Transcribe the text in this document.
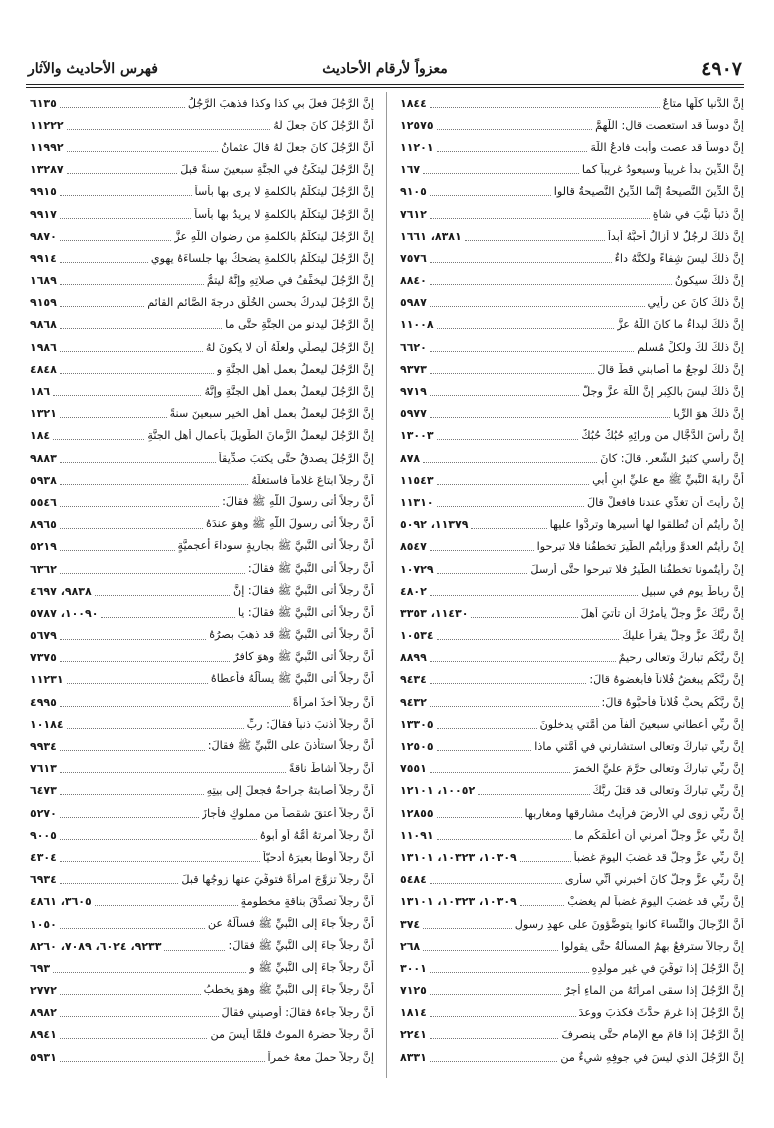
٤٩٠٧
معزواً لأرقام الأحاديث
فهرس الأحاديث والآثار
إنَّ الدُّنيا كلُّها متاعٌ
١٨٤٤
إنَّ دوساً قد استعصت قال: اللَّهمَّ
١٢٥٧٥
إنَّ دوساً قد عصت وأبت فادعُ اللَّهَ
١١٢٠١
إنَّ الدِّينَ بدأَ غريباً وسيعودُ غريباً كما
١٦٧
إنَّ الدِّينَ النَّصيحةُ إنَّما الدِّينُ النَّصيحةُ قالوا
٩١٠٥
إنَّ ذئباً نيَّبَ في شاةٍ
٧٦١٢
إنَّ ذلكَ لرجُلٌ لا أزالُ أحبُّهُ أبداً
٨٣٨١، ١٦٦١
إنَّ ذلكَ ليسَ شِفاءً ولكنَّهُ داءٌ
٧٥٧٦
إنَّ ذلكَ سيكونُ
٨٨٤٠
إنَّ ذلكَ كانَ عن رأيي
٥٩٨٧
إنَّ ذلكَ لبداءُ ما كانَ اللَّهُ عزَّ
١١٠٠٨
إنَّ ذلكَ لكَ ولكلِّ مُسلمٍ
٦٦٢٠
إنَّ ذلكَ لوجعٌ ما أصابني قطُّ قالَ
٩٣٧٣
إنَّ ذلكَ ليسَ بالكِبرِ إنَّ اللَّهَ عزَّ وجلَّ
٩٧١٩
إنَّ ذلكَ هوَ الرِّبا
٥٩٧٧
إنَّ رأسَ الدَّجَّالِ من ورائِهِ حُبُكٌ حُبُكٌ
١٣٠٠٣
إنَّ رأسي كثيرُ الشَّعرِ. قالَ: كانَ
٨٧٨
أنَّ رايةَ النَّبيِّ ﷺ مع عليِّ ابنِ أبي
١١٥٤٣
إنْ رأيتَ أن تغدِّي عندنا فافعلْ قالَ
١١٣١٠
إنْ رأيتُم أن تُطلقوا لها أسيرها وتردُّوا عليها
١١٣٧٩، ٥٠٩٢
إنْ رأيتُم العدوَّ ورأيتُم الطَّيرَ تخطفُنا فلا تبرحوا
٨٥٤٧
إنْ رأيتُمونا تخطفُنا الطَّيرُ فلا تبرحوا حتَّى أرسلَ
١٠٧٢٩
إنَّ رباطَ يومٍ في سبيلِ
٤٨٠٢
إنَّ ربَّكَ عزَّ وجلَّ يأمرُكَ أن تأتيَ أهلَ
١١٤٣٠، ٣٣٥٣
إنَّ ربَّكَ عزَّ وجلَّ يقرأُ عليكَ
١٠٥٣٤
إنَّ ربَّكُم تباركَ وتعالى رحيمٌ
٨٨٩٩
إنَّ ربَّكُم يبغضُ فُلاناً فأبغضوهُ قالَ:
٩٤٣٤
إنَّ ربَّكُم يحبُّ فُلاناً فأحبُّوهُ قالَ:
٩٤٣٢
إنَّ ربِّي أعطاني سبعينَ ألفاً من أمَّتي يدخلونَ
١٣٣٠٥
إنَّ ربِّي تباركَ وتعالى استشارني في أمَّتي ماذا
١٢٥٠٥
إنَّ ربِّي تباركَ وتعالى حرَّمَ عليَّ الخمرَ
٧٥٥١
إنَّ ربِّي تباركَ وتعالى قد قتلَ ربَّكَ
١٠٠٥٢، ١٢١٠١
إنَّ ربِّي زوى لي الأرضَ فرأيتُ مشارقها ومغاربها
١٢٨٥٥
إنَّ ربِّي عزَّ وجلَّ أمرني أن أعلِّمَكُم ما
١١٠٩١
إنَّ ربِّي عزَّ وجلَّ قد غضبَ اليومَ غضباً
١٠٣٠٩، ١٠٣٢٣، ١٣١٠١
إنَّ ربِّي عزَّ وجلَّ كانَ أخبرني أنِّي سأرى
٥٤٨٤
إنَّ ربِّي قد غضبَ اليومَ غضباً لم يغضبْ
١٠٣٠٩، ١٠٣٢٣، ١٣١٠١
أنَّ الرِّجالَ والنِّساءَ كانوا يتوضَّؤونَ على عهدِ رسولِ
٣٧٤
إنَّ رجالاً سترفعُ بهمُ المسألةُ حتَّى يقولوا
٢٦٨
إنَّ الرَّجُلَ إذا توفِّيَ في غيرِ مولدِهِ
٣٠٠١
إنَّ الرَّجُلَ إذا سقى امرأتَهُ من الماءِ أجرٌ
٧١٢٥
إنَّ الرَّجُلَ إذا غرمَ حدَّثَ فكذبَ ووعدَ
١٨١٤
إنَّ الرَّجُلَ إذا قامَ مع الإمامِ حتَّى ينصرفَ
٢٢٤١
إنَّ الرَّجُلَ الذي ليسَ في جوفِهِ شيءٌ من
٨٣٣١
إنَّ الرَّجُلَ فعلَ بي كذا وكذا فذهبَ الرَّجُلُ
٦١٣٥
أنَّ الرَّجُلَ كانَ جعلَ لهُ
١١٢٢٢
أنَّ الرَّجُلَ كانَ جعلَ لهُ قالَ عثمانُ
١١٩٩٢
إنَّ الرَّجُلَ ليتكِّئُ في الجنَّةِ سبعينَ سنةً قبلَ
١٣٢٨٧
إنَّ الرَّجُلَ ليتكلَّمُ بالكلمةِ لا يرى بها بأساً
٩٩١٥
إنَّ الرَّجُلَ ليتكلَّمُ بالكلمةِ لا يريدُ بها بأساً
٩٩١٧
إنَّ الرَّجُلَ ليتكلَّمُ بالكلمةِ من رضوانِ اللَّهِ عزَّ
٩٨٧٠
إنَّ الرَّجُلَ ليتكلَّمُ بالكلمةِ يضحكُ بها جلساءَهُ يهوي
٩٩١٤
إنَّ الرَّجُلَ ليخفِّفُ في صلاتِهِ وإنَّهُ ليتمُّ
١٦٨٩
إنَّ الرَّجُلَ ليدركُ بحسنِ الخُلُقِ درجةَ الصَّائمِ القائمِ
٩١٥٩
إنَّ الرَّجُلَ ليدنو من الجنَّةِ حتَّى ما
٩٨٦٨
إنَّ الرَّجُلَ ليصلِّي ولعلَّهُ أن لا يكونَ لهُ
١٩٨٦
إنَّ الرَّجُلَ ليعملُ بعملِ أهلِ الجنَّةِ و
٤٨٤٨
إنَّ الرَّجُلَ ليعملُ بعملِ أهلِ الجنَّةِ وإنَّهُ
١٨٦
إنَّ الرَّجُلَ ليعملُ بعملِ أهلِ الخيرِ سبعينَ سنةً
١٣٢١
إنَّ الرَّجُلَ ليعملُ الزَّمانَ الطَّويلَ بأعمالِ أهلِ الجنَّةِ
١٨٤
إنَّ الرَّجُلَ يصدقُ حتَّى يكتبَ صدِّيقاً
٩٨٨٣
أنَّ رجلاً ابتاعَ غلاماً فاستغلَّهُ
٥٩٣٨
أنَّ رجلاً أتى رسولَ اللَّهِ ﷺ فقالَ:
٥٥٤٦
أنَّ رجلاً أتى رسولَ اللَّهِ ﷺ وهوَ عندَهُ
٨٩٦٥
أنَّ رجلاً أتى النَّبيَّ ﷺ بجاريةٍ سوداءَ أعجميَّةٍ
٥٢١٩
أنَّ رجلاً أتى النَّبيَّ ﷺ فقالَ:
٦٣٦٢
أنَّ رجلاً أتى النَّبيَّ ﷺ فقالَ: إنَّ
٩٨٣٨، ٤٦٩٧
أنَّ رجلاً أتى النَّبيَّ ﷺ فقالَ: يا
١٠٠٩٠، ٥٧٨٧
أنَّ رجلاً أتى النَّبيَّ ﷺ قد ذهبَ بصرُهُ
٥٦٧٩
أنَّ رجلاً أتى النَّبيَّ ﷺ وهوَ كافرٌ
٧٣٧٥
أنَّ رجلاً أتى النَّبيَّ ﷺ يسألُهُ فأعطاهُ
١١٢٣١
أنَّ رجلاً أخذَ امرأةً
٤٩٩٥
أنَّ رجلاً أذنبَ ذنباً فقالَ: ربِّ
١٠١٨٤
أنَّ رجلاً استأذنَ على النَّبيِّ ﷺ فقالَ:
٩٩٣٤
أنَّ رجلاً أشاطَ ناقةً
٧٦١٣
أنَّ رجلاً أصابتهُ جراحةٌ فجعلَ إلى بيتِهِ
٦٤٧٣
أنَّ رجلاً أعتقَ شقصاً من مملوكٍ فأجازَ
٥٢٧٠
أنَّ رجلاً أمرتهُ أمُّهُ أو أبوهُ
٩٠٠٥
أنَّ رجلاً أوطأَ بعيرَهُ أدحيّاً
٤٣٠٤
أنَّ رجلاً تزوَّجَ امرأةً فتوفِّيَ عنها زوجُها قبلَ
٦٩٣٤
أنَّ رجلاً تصدَّقَ بناقةٍ مخطومةٍ
٣٦٠٥، ٤٨٦١
أنَّ رجلاً جاءَ إلى النَّبيِّ ﷺ فسألَهُ عن
١٠٥٠
أنَّ رجلاً جاءَ إلى النَّبيِّ ﷺ فقالَ:
٩٢٣٣، ٦٠٢٤، ٧٠٨٩، ٨٢٦٠
أنَّ رجلاً جاءَ إلى النَّبيِّ ﷺ و
٦٩٣
أنَّ رجلاً جاءَ إلى النَّبيِّ ﷺ وهوَ يخطبُ
٢٧٧٢
أنَّ رجلاً جاءهُ فقالَ: أوصيني فقالَ
٨٩٨٢
أنَّ رجلاً حضرهُ الموتُ فلمَّا أيسَ من
٨٩٤١
إنَّ رجلاً حملَ معهُ خمراً
٥٩٣١
